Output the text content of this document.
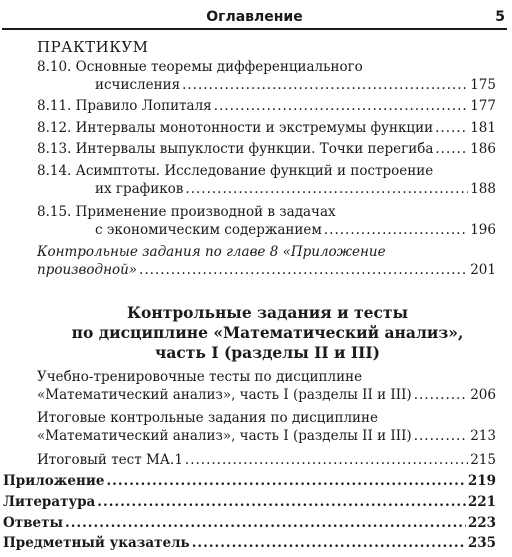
Оглавление	5
ПРАКТИКУМ
8.10. Основные теоремы дифференциального
исчисления .....	175
8.11. Правило Лопиталя .....	177
8.12. Интервалы монотонности и экстремумы функции .....	181
8.13. Интервалы выпуклости функции. Точки перегиба .....	186
8.14. Асимптоты. Исследование функций и построение
их графиков .....	188
8.15. Применение производной в задачах
с экономическим содержанием .....	196
Контрольные задания по главе 8 «Приложение
производной» .....	201
Контрольные задания и тесты
по дисциплине «Математический анализ»,
часть I (разделы II и III)
Учебно-тренировочные тесты по дисциплине
«Математический анализ», часть I (разделы II и III) .....	206
Итоговые контрольные задания по дисциплине
«Математический анализ», часть I (разделы II и III) .....	213
Итоговый тест МА.1 .....	215
Приложение .....	219
Литература .....	221
Ответы .....	223
Предметный указатель .....	235
